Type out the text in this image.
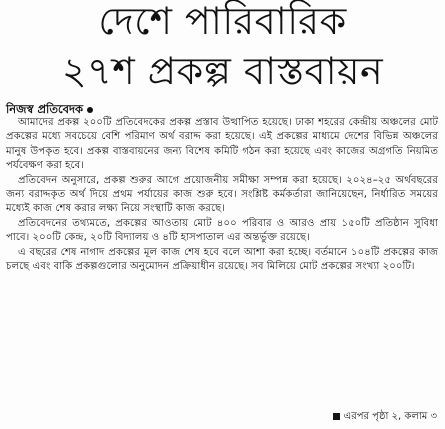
দেশে পারিবারিক
২৭শ প্রকল্প বাস্তবায়ন
নিজস্ব প্রতিবেদক

আমাদের প্রকল্প ২০০টি প্রতিবেদকের প্রকল্প প্রস্তাব উত্থাপিত হয়েছে। ঢাকা শহরের কেন্দ্রীয় অঞ্চলের মোট প্রকল্পের মধ্যে সবচেয়ে বেশি পরিমাণ অর্থ বরাদ্দ করা হয়েছে। এই প্রকল্পের মাধ্যমে দেশের বিভিন্ন অঞ্চলের মানুষ উপকৃত হবে। প্রকল্প বাস্তবায়নের জন্য বিশেষ কমিটি গঠন করা হয়েছে এবং কাজের অগ্রগতি নিয়মিত পর্যবেক্ষণ করা হবে।

প্রতিবেদন অনুসারে, প্রকল্প শুরুর আগে প্রয়োজনীয় সমীক্ষা সম্পন্ন করা হয়েছে। ২০২৪–২৫ অর্থবছরের জন্য বরাদ্দকৃত অর্থ দিয়ে প্রথম পর্যায়ের কাজ শুরু হবে। সংশ্লিষ্ট কর্মকর্তারা জানিয়েছেন, নির্ধারিত সময়ের মধ্যেই কাজ শেষ করার লক্ষ্য নিয়ে সংস্থাটি কাজ করছে।

প্রতিবেদনের তথ্যমতে, প্রকল্পের আওতায় মোট ৪০০ পরিবার ও আরও প্রায় ১৫০টি প্রতিষ্ঠান সুবিধা পাবে। ২০০টি কেন্দ্র, ২০টি বিদ্যালয় ও ৪টি হাসপাতাল এর অন্তর্ভুক্ত রয়েছে।

এ বছরের শেষ নাগাদ প্রকল্পের মূল কাজ শেষ হবে বলে আশা করা হচ্ছে। বর্তমানে ১০৪টি প্রকল্পের কাজ চলছে এবং বাকি প্রকল্পগুলোর অনুমোদন প্রক্রিয়াধীন রয়েছে। সব মিলিয়ে মোট প্রকল্পের সংখ্যা ২০০টি।

এরপর পৃষ্ঠা ২, কলাম ৩
